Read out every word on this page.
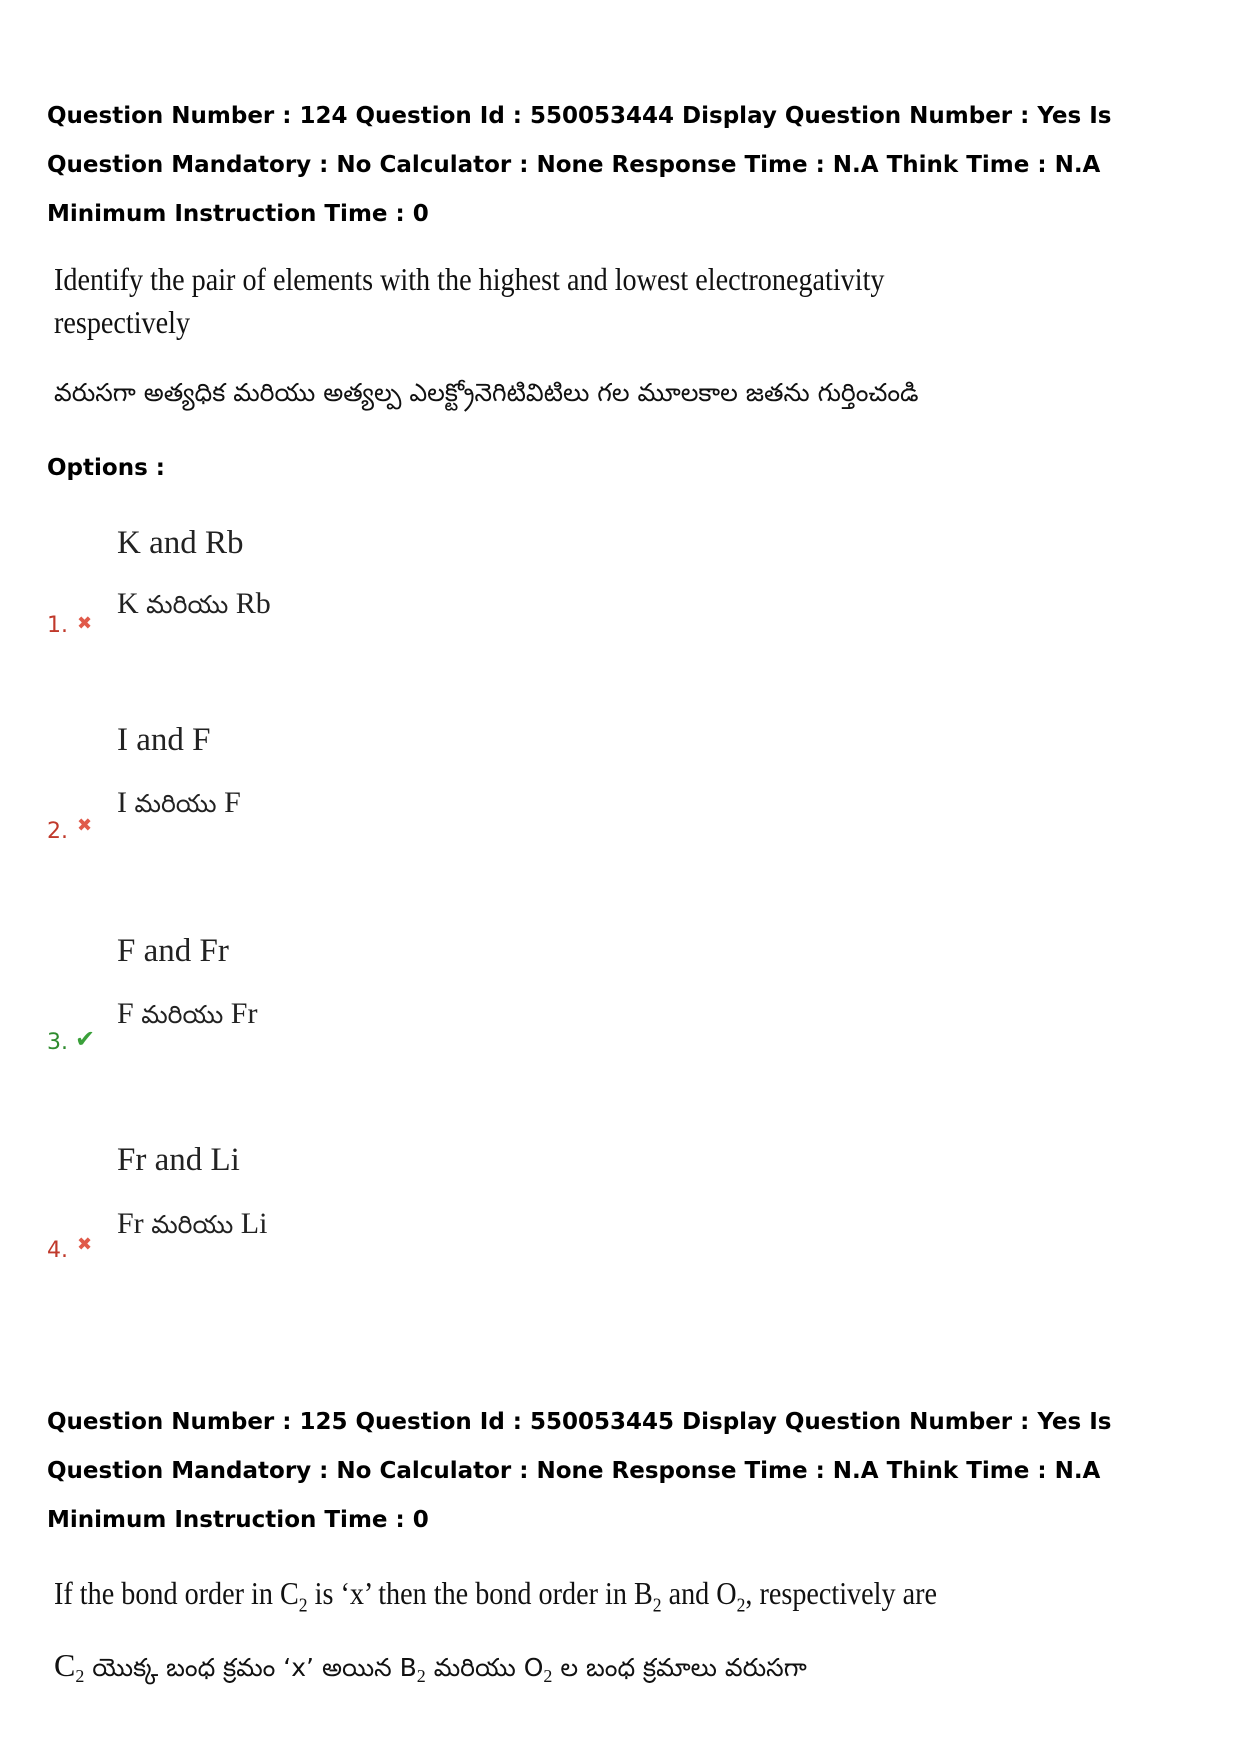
Question Number : 124 Question Id : 550053444 Display Question Number : Yes Is Question Mandatory : No Calculator : None Response Time : N.A Think Time : N.A Minimum Instruction Time : 0

Identify the pair of elements with the highest and lowest electronegativity respectively

వరుసగా అత్యధిక మరియు అత్యల్ప ఎలక్ట్రోనెగిటివిటిలు గల మూలకాల జతను గుర్తించండి

Options :

K and Rb
K మరియు Rb
1. ✖
I and F
I మరియు F
2. ✖
F and Fr
F మరియు Fr
3. ✔
Fr and Li
Fr మరియు Li
4. ✖

Question Number : 125 Question Id : 550053445 Display Question Number : Yes Is Question Mandatory : No Calculator : None Response Time : N.A Think Time : N.A Minimum Instruction Time : 0

If the bond order in $C_2$ is ‘x’ then the bond order in $B_2$ and $O_2$, respectively are

$C_2$ యొక్క బంధ క్రమం ‘x’ అయిన $B_2$ మరియు $O_2$ ల బంధ క్రమాలు వరుసగా
